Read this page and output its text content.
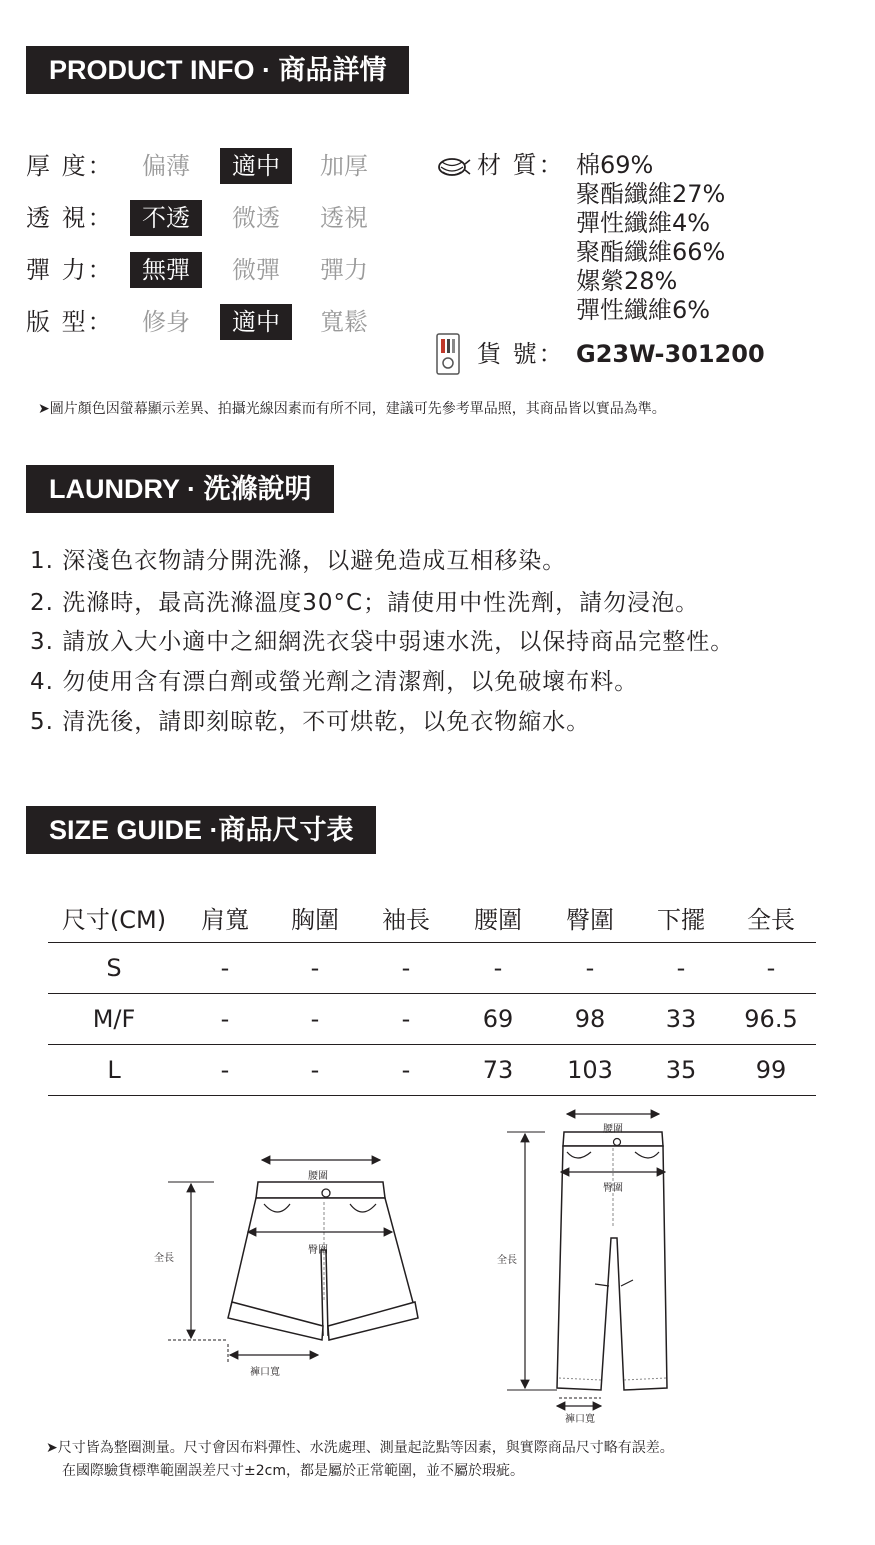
PRODUCT INFO · 商品詳情
厚 度：	偏薄	適中	加厚
透 視：	不透	微透	透視
彈 力：	無彈	微彈	彈力
版 型：	修身	適中	寬鬆
材 質： 棉69%
聚酯纖維27%
彈性纖維4%
聚酯纖維66%
嫘縈28%
彈性纖維6%
貨 號： G23W-301200
➤圖片顏色因螢幕顯示差異、拍攝光線因素而有所不同，建議可先參考單品照，其商品皆以實品為準。
LAUNDRY · 洗滌說明
1. 深淺色衣物請分開洗滌，以避免造成互相移染。
2. 洗滌時，最高洗滌溫度30°C；請使用中性洗劑，請勿浸泡。
3. 請放入大小適中之細網洗衣袋中弱速水洗，以保持商品完整性。
4. 勿使用含有漂白劑或螢光劑之清潔劑，以免破壞布料。
5. 清洗後，請即刻晾乾，不可烘乾，以免衣物縮水。
SIZE GUIDE ·商品尺寸表
尺寸(CM)	肩寬	胸圍	袖長	腰圍	臀圍	下擺	全長
S	-	-	-	-	-	-	-
M/F	-	-	-	69	98	33	96.5
L	-	-	-	73	103	35	99
腰圍
臀圍
全長
褲口寬
腰圍
臀圍
全長
褲口寬
➤尺寸皆為整圈測量。尺寸會因布料彈性、水洗處理、測量起訖點等因素，與實際商品尺寸略有誤差。
在國際驗貨標準範圍誤差尺寸±2cm，都是屬於正常範圍，並不屬於瑕疵。
